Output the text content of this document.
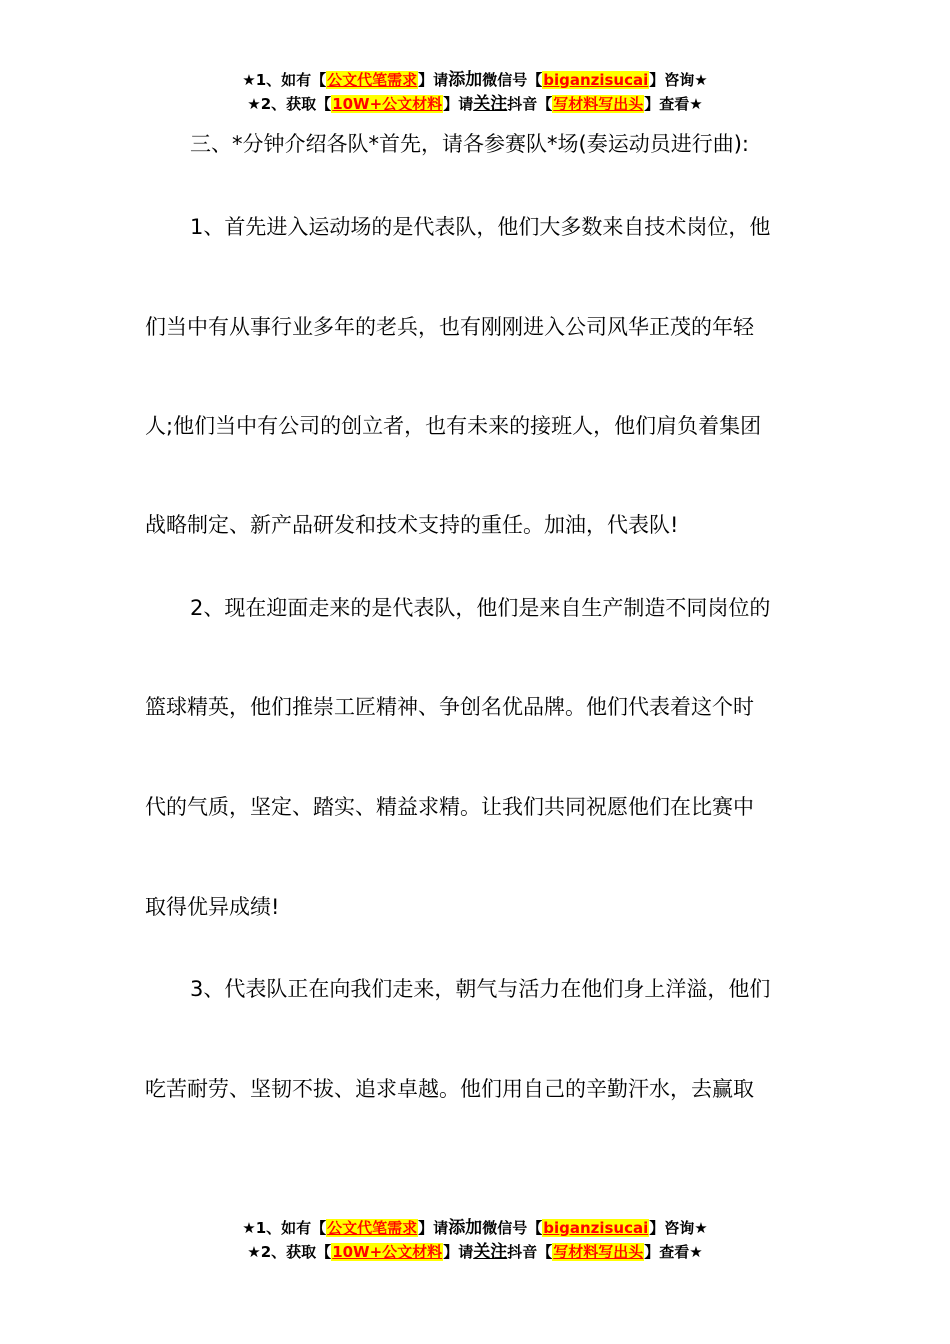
★1、如有【公文代笔需求】请添加微信号【biganzisucai】咨询★
★2、获取【10W+公文材料】请关注抖音【写材料写出头】查看★
三、*分钟介绍各队*首先，请各参赛队*场(奏运动员进行曲):
1、首先进入运动场的是代表队，他们大多数来自技术岗位，他
们当中有从事行业多年的老兵，也有刚刚进入公司风华正茂的年轻
人;他们当中有公司的创立者，也有未来的接班人，他们肩负着集团
战略制定、新产品研发和技术支持的重任。加油，代表队!
2、现在迎面走来的是代表队，他们是来自生产制造不同岗位的
篮球精英，他们推崇工匠精神、争创名优品牌。他们代表着这个时
代的气质，坚定、踏实、精益求精。让我们共同祝愿他们在比赛中
取得优异成绩!
3、代表队正在向我们走来，朝气与活力在他们身上洋溢，他们
吃苦耐劳、坚韧不拔、追求卓越。他们用自己的辛勤汗水，去赢取
★1、如有【公文代笔需求】请添加微信号【biganzisucai】咨询★
★2、获取【10W+公文材料】请关注抖音【写材料写出头】查看★
